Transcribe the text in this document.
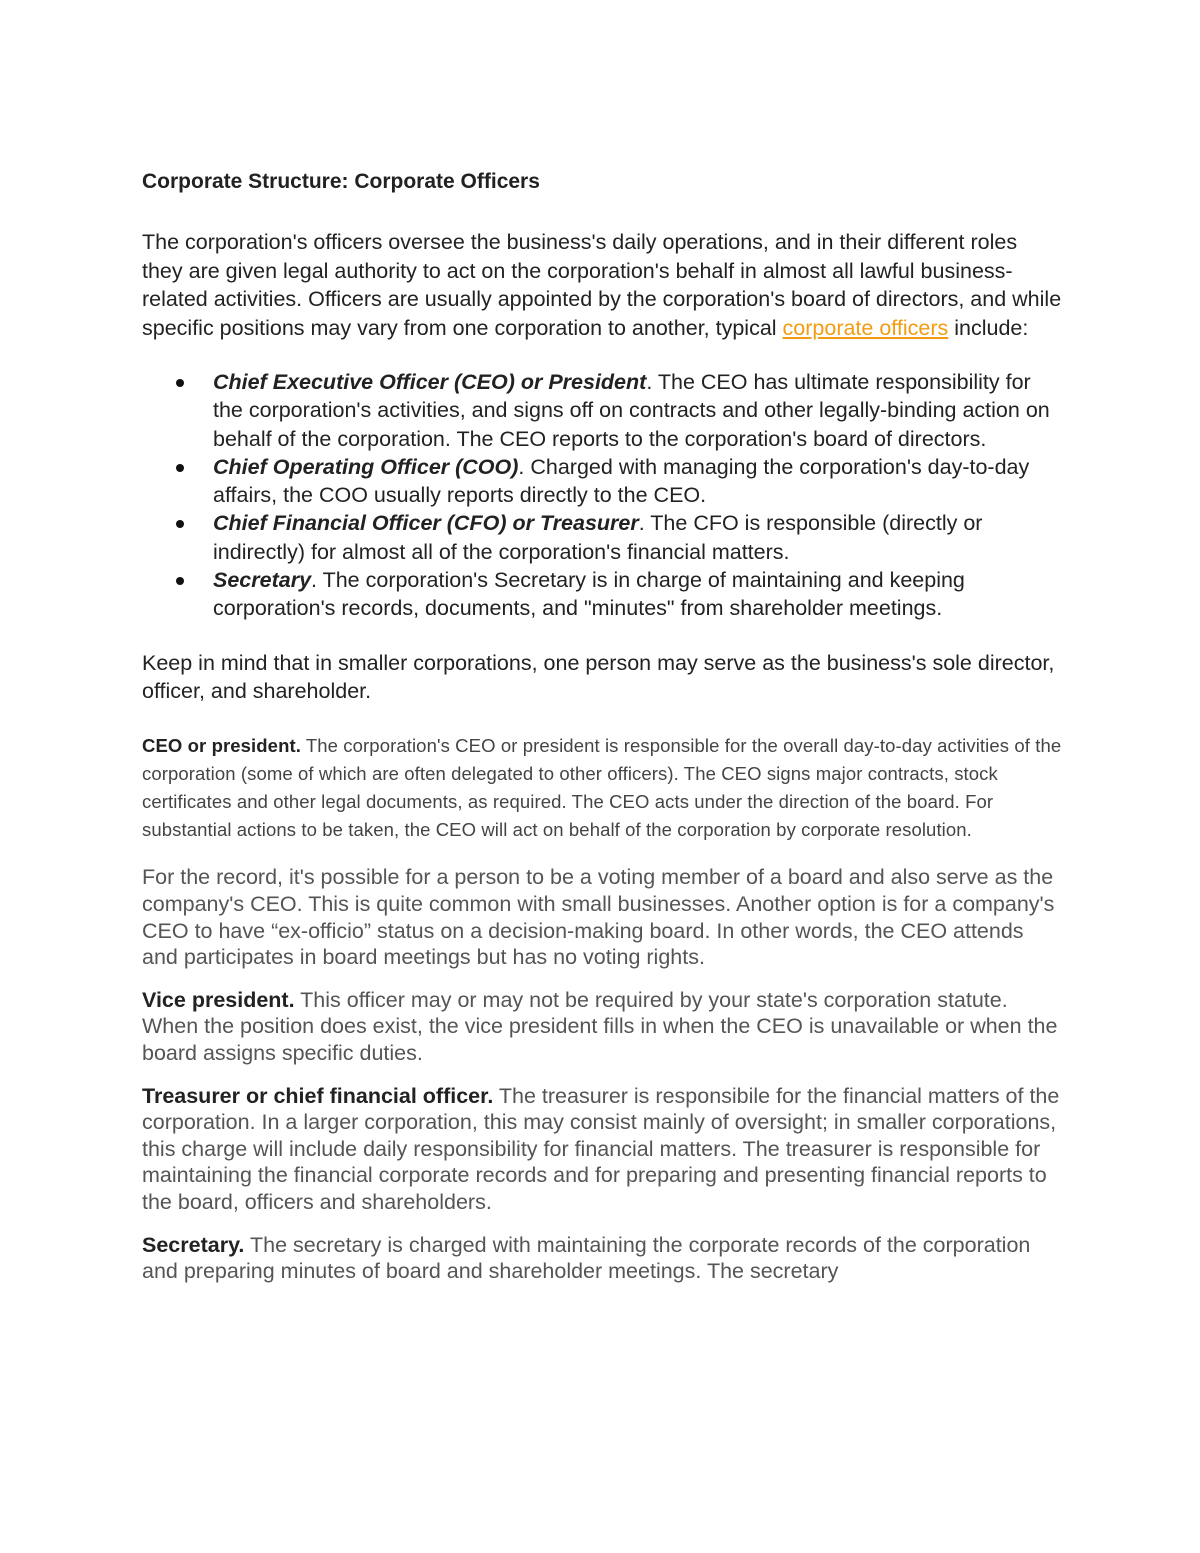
Corporate Structure: Corporate Officers

The corporation's officers oversee the business's daily operations, and in their different roles they are given legal authority to act on the corporation's behalf in almost all lawful business-related activities. Officers are usually appointed by the corporation's board of directors, and while specific positions may vary from one corporation to another, typical corporate officers include:

Chief Executive Officer (CEO) or President. The CEO has ultimate responsibility for the corporation's activities, and signs off on contracts and other legally-binding action on behalf of the corporation. The CEO reports to the corporation's board of directors.
Chief Operating Officer (COO). Charged with managing the corporation's day-to-day affairs, the COO usually reports directly to the CEO.
Chief Financial Officer (CFO) or Treasurer. The CFO is responsible (directly or indirectly) for almost all of the corporation's financial matters.
Secretary. The corporation's Secretary is in charge of maintaining and keeping corporation's records, documents, and "minutes" from shareholder meetings.

Keep in mind that in smaller corporations, one person may serve as the business's sole director, officer, and shareholder.

CEO or president. The corporation's CEO or president is responsible for the overall day-to-day activities of the corporation (some of which are often delegated to other officers). The CEO signs major contracts, stock certificates and other legal documents, as required. The CEO acts under the direction of the board. For substantial actions to be taken, the CEO will act on behalf of the corporation by corporate resolution.

For the record, it's possible for a person to be a voting member of a board and also serve as the company's CEO. This is quite common with small businesses. Another option is for a company's CEO to have “ex-officio” status on a decision-making board. In other words, the CEO attends and participates in board meetings but has no voting rights.

Vice president. This officer may or may not be required by your state's corporation statute. When the position does exist, the vice president fills in when the CEO is unavailable or when the board assigns specific duties.

Treasurer or chief financial officer. The treasurer is responsibile for the financial matters of the corporation. In a larger corporation, this may consist mainly of oversight; in smaller corporations, this charge will include daily responsibility for financial matters. The treasurer is responsible for maintaining the financial corporate records and for preparing and presenting financial reports to the board, officers and shareholders.

Secretary. The secretary is charged with maintaining the corporate records of the corporation and preparing minutes of board and shareholder meetings. The secretary
